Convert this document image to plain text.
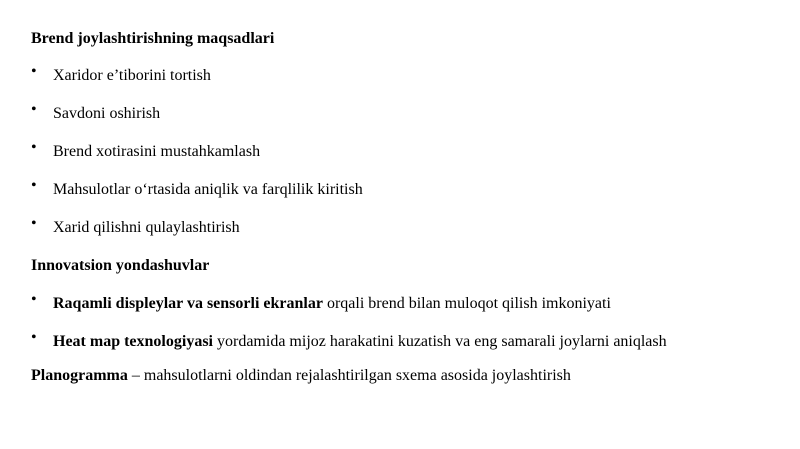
Brend joylashtirishning maqsadlari
• Xaridor e’tiborini tortish
• Savdoni oshirish
• Brend xotirasini mustahkamlash
• Mahsulotlar o‘rtasida aniqlik va farqlilik kiritish
• Xarid qilishni qulaylashtirish
Innovatsion yondashuvlar
• Raqamli displeylar va sensorli ekranlar orqali brend bilan muloqot qilish imkoniyati
• Heat map texnologiyasi yordamida mijoz harakatini kuzatish va eng samarali joylarni aniqlash
Planogramma – mahsulotlarni oldindan rejalashtirilgan sxema asosida joylashtirish
